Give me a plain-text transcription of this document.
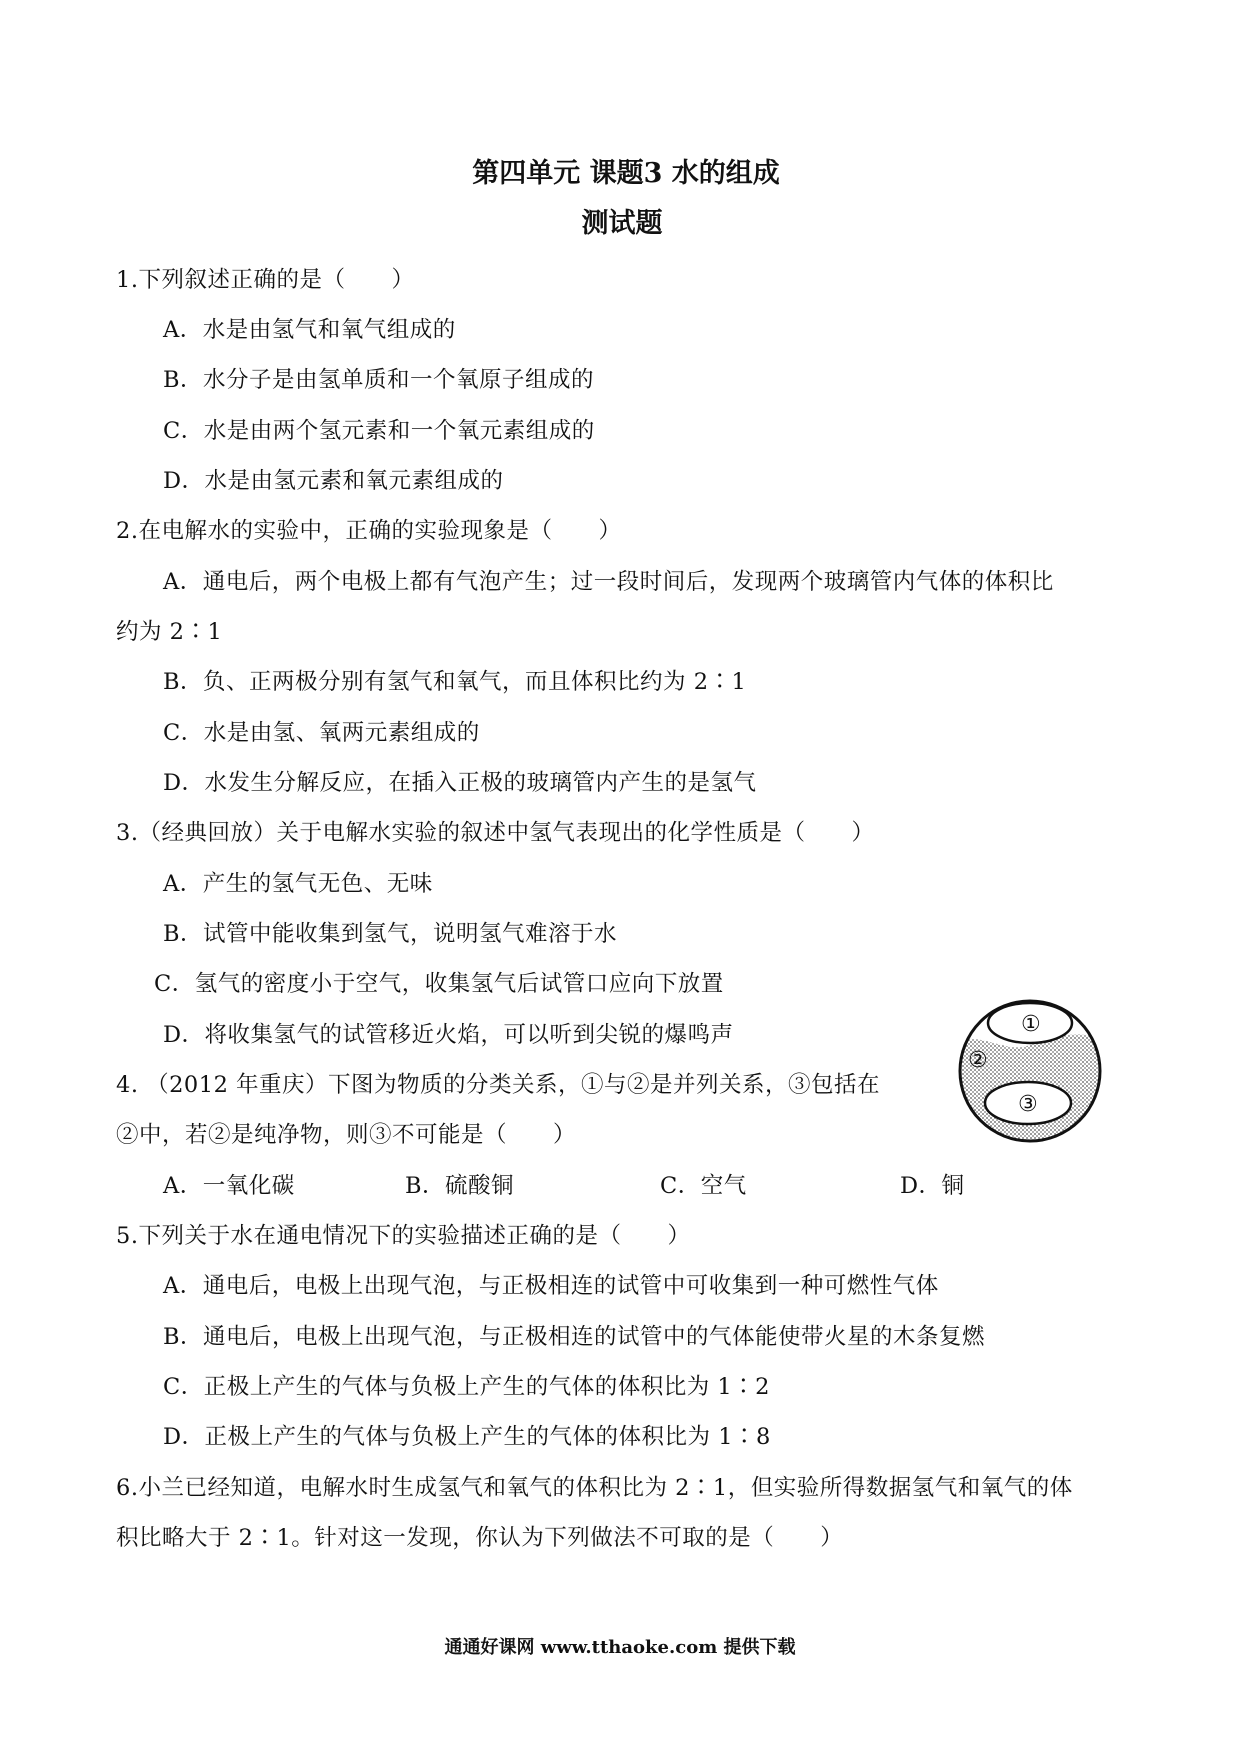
第四单元 课题3 水的组成
测试题
1.下列叙述正确的是（　　）
A．水是由氢气和氧气组成的
B．水分子是由氢单质和一个氧原子组成的
C．水是由两个氢元素和一个氧元素组成的
D．水是由氢元素和氧元素组成的
2.在电解水的实验中，正确的实验现象是（　　）
A．通电后，两个电极上都有气泡产生；过一段时间后，发现两个玻璃管内气体的体积比
约为 2∶1
B．负、正两极分别有氢气和氧气，而且体积比约为 2∶1
C．水是由氢、氧两元素组成的
D．水发生分解反应，在插入正极的玻璃管内产生的是氢气
3.（经典回放）关于电解水实验的叙述中氢气表现出的化学性质是（　　）
A．产生的氢气无色、无味
B．试管中能收集到氢气，说明氢气难溶于水
C．氢气的密度小于空气，收集氢气后试管口应向下放置
D．将收集氢气的试管移近火焰，可以听到尖锐的爆鸣声
4. （2012 年重庆）下图为物质的分类关系，①与②是并列关系，③包括在
②中，若②是纯净物，则③不可能是（　　）
A．一氧化碳	B．硫酸铜	C．空气	D．铜
①
②
③
5.下列关于水在通电情况下的实验描述正确的是（　　）
A．通电后，电极上出现气泡，与正极相连的试管中可收集到一种可燃性气体
B．通电后，电极上出现气泡，与正极相连的试管中的气体能使带火星的木条复燃
C．正极上产生的气体与负极上产生的气体的体积比为 1∶2
D．正极上产生的气体与负极上产生的气体的体积比为 1∶8
6.小兰已经知道，电解水时生成氢气和氧气的体积比为 2∶1，但实验所得数据氢气和氧气的体
积比略大于 2∶1。针对这一发现，你认为下列做法不可取的是（　　）
通通好课网 www.tthaoke.com 提供下载
